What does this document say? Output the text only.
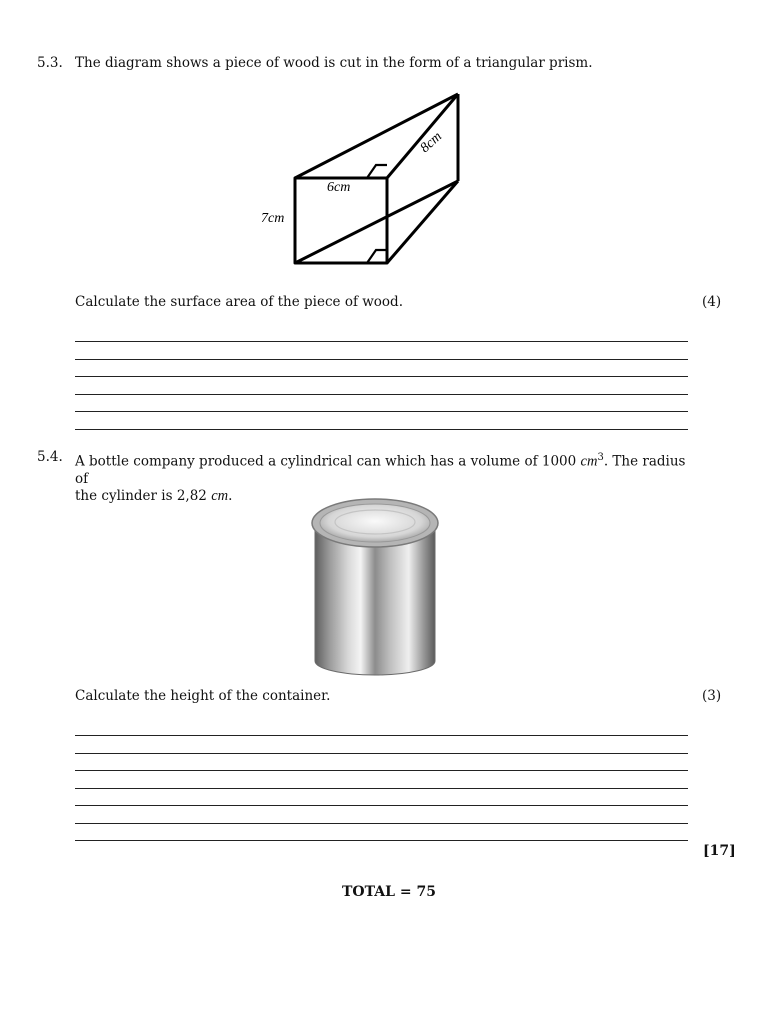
5.3. The diagram shows a piece of wood is cut in the form of a triangular prism.
6cm
7cm
8cm
Calculate the surface area of the piece of wood.	(4)
5.4. A bottle company produced a cylindrical can which has a volume of 1000 $cm^3$. The radius of
the cylinder is 2,82 cm.
Calculate the height of the container.	(3)
[17]
TOTAL = 75
